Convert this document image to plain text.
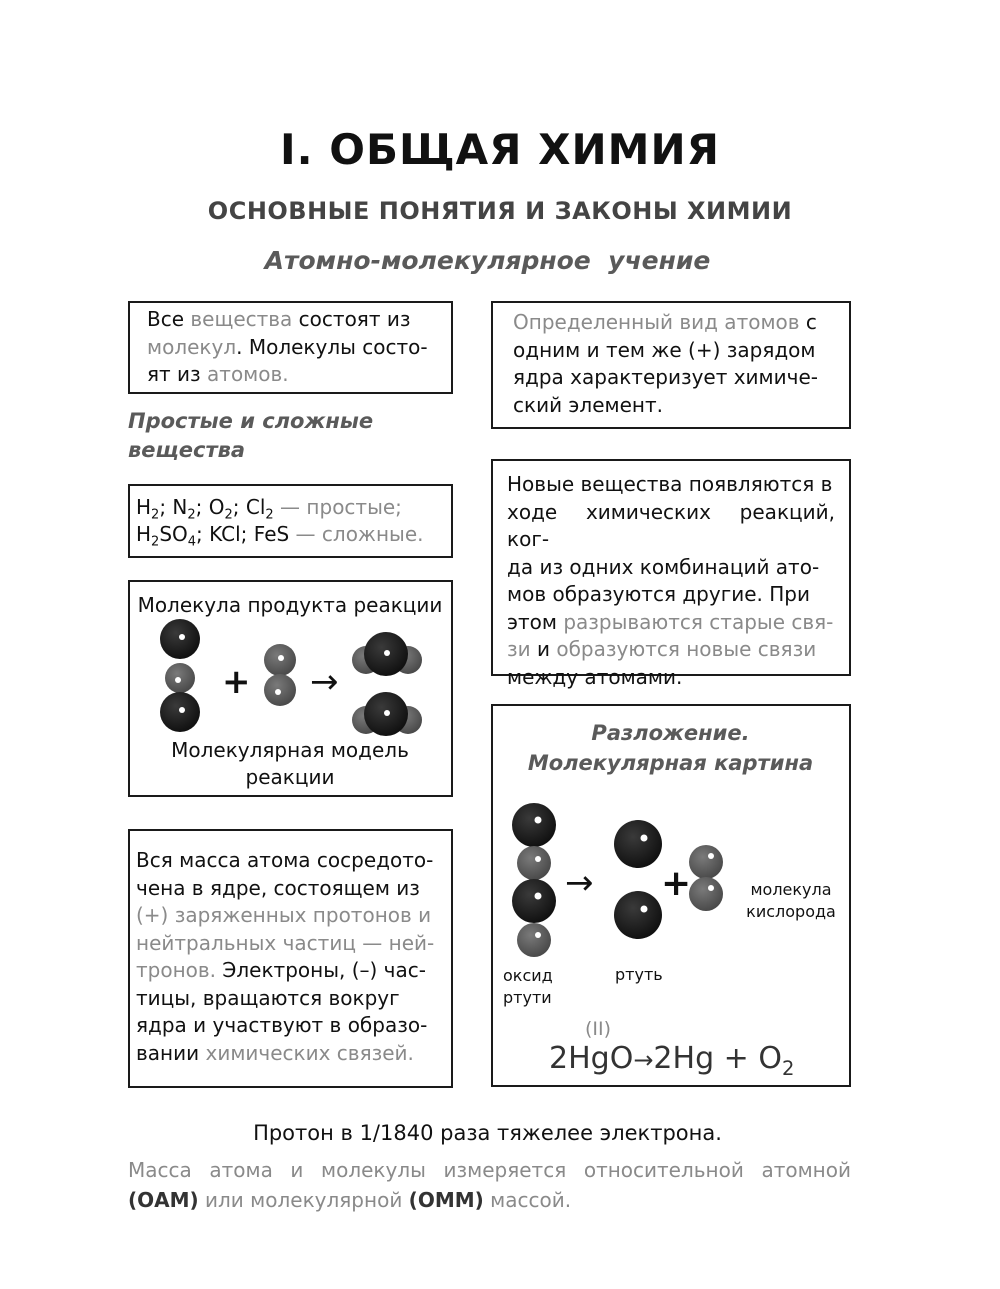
I. ОБЩАЯ ХИМИЯ
ОСНОВНЫЕ ПОНЯТИЯ И ЗАКОНЫ ХИМИИ
Атомно-молекулярное  учение
Все вещества состоят из
молекул. Молекулы состо-
ят из атомов.
Определенный вид атомов с
одним и тем же (+) зарядом
ядра характеризует химиче-
ский элемент.
Простые и сложные
вещества
$H_2$; $N_2$; $O_2$; $Cl_2$ — простые;
$H_2SO_4$; KCl; FeS — сложные.
Молекула продукта реакции
+ →
Молекулярная модель
реакции
Новые вещества появляются в
ходе химических реакций, ког-
да из одних комбинаций ато-
мов образуются другие. При
этом разрываются старые свя-
зи и образуются новые связи
между атомами.
Разложение.
Молекулярная картина
→ +	молекула
кислорода
оксид
ртути
ртуть
(II)
$2HgO\to 2Hg + O_2$
Вся масса атома сосредото-
чена в ядре, состоящем из
(+) заряженных протонов и
нейтральных частиц — ней-
тронов. Электроны, (–) час-
тицы, вращаются вокруг
ядра и участвуют в образо-
вании химических связей.
Протон в 1/1840 раза тяжелее электрона.
Масса атома и молекулы измеряется относительной атомной
(ОАМ) или молекулярной (ОММ) массой.
